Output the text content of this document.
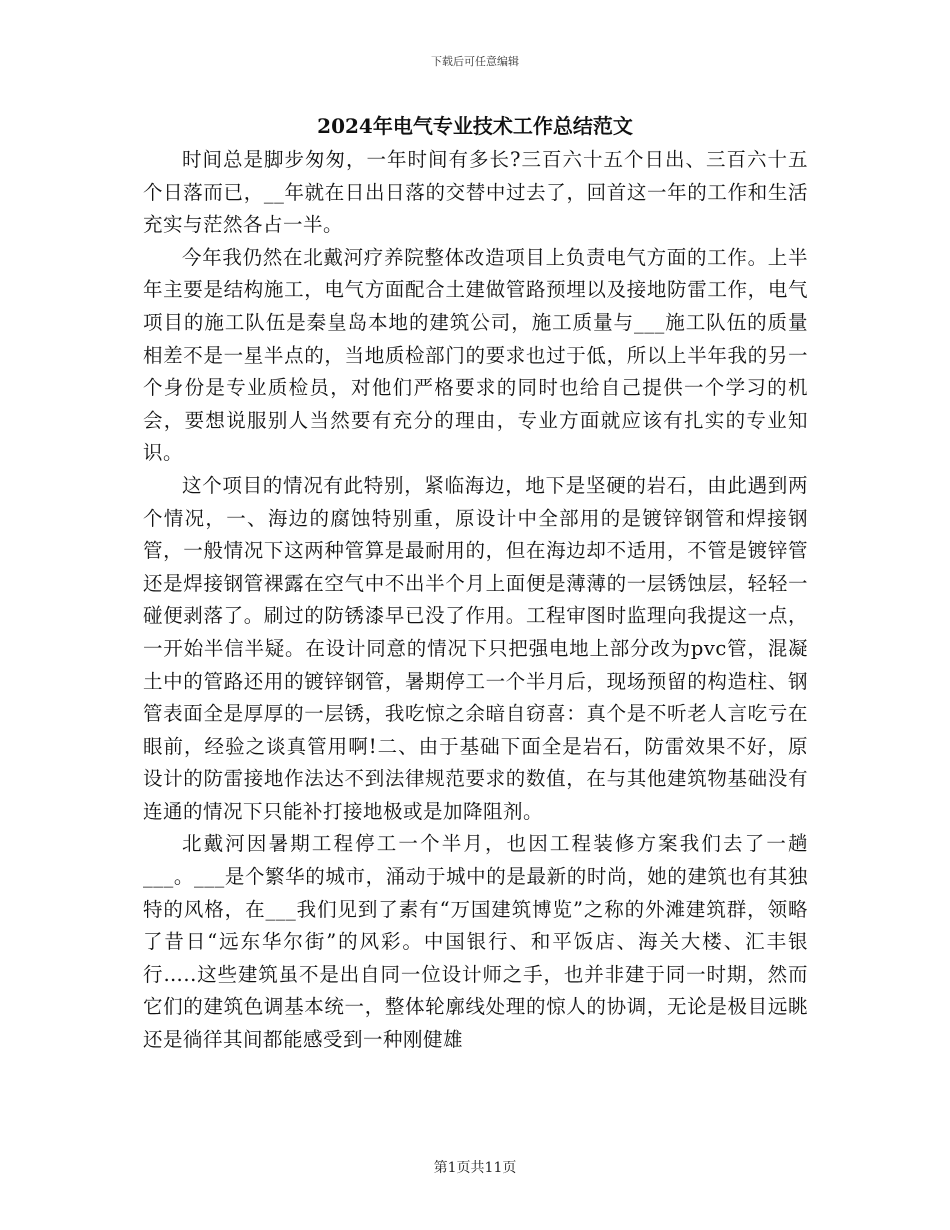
下载后可任意编辑
2024年电气专业技术工作总结范文

时间总是脚步匆匆，一年时间有多长?三百六十五个日出、三百六十五个日落而已，__年就在日出日落的交替中过去了，回首这一年的工作和生活充实与茫然各占一半。

今年我仍然在北戴河疗养院整体改造项目上负责电气方面的工作。上半年主要是结构施工，电气方面配合土建做管路预埋以及接地防雷工作，电气项目的施工队伍是秦皇岛本地的建筑公司，施工质量与___施工队伍的质量相差不是一星半点的，当地质检部门的要求也过于低，所以上半年我的另一个身份是专业质检员，对他们严格要求的同时也给自己提供一个学习的机会，要想说服别人当然要有充分的理由，专业方面就应该有扎实的专业知识。

这个项目的情况有此特别，紧临海边，地下是坚硬的岩石，由此遇到两个情况，一、海边的腐蚀特别重，原设计中全部用的是镀锌钢管和焊接钢管，一般情况下这两种管算是最耐用的，但在海边却不适用，不管是镀锌管还是焊接钢管裸露在空气中不出半个月上面便是薄薄的一层锈蚀层，轻轻一碰便剥落了。刷过的防锈漆早已没了作用。工程审图时监理向我提这一点，一开始半信半疑。在设计同意的情况下只把强电地上部分改为pvc管，混凝土中的管路还用的镀锌钢管，暑期停工一个半月后，现场预留的构造柱、钢管表面全是厚厚的一层锈，我吃惊之余暗自窃喜：真个是不听老人言吃亏在眼前，经验之谈真管用啊!二、由于基础下面全是岩石，防雷效果不好，原设计的防雷接地作法达不到法律规范要求的数值，在与其他建筑物基础没有连通的情况下只能补打接地极或是加降阻剂。

北戴河因暑期工程停工一个半月，也因工程装修方案我们去了一趟___。___是个繁华的城市，涌动于城中的是最新的时尚，她的建筑也有其独特的风格，在___我们见到了素有“万国建筑博览”之称的外滩建筑群，领略了昔日“远东华尔街”的风彩。中国银行、和平饭店、海关大楼、汇丰银行…..这些建筑虽不是出自同一位设计师之手，也并非建于同一时期，然而它们的建筑色调基本统一，整体轮廓线处理的惊人的协调，无论是极目远眺还是徜徉其间都能感受到一种刚健雄

第1页共11页
